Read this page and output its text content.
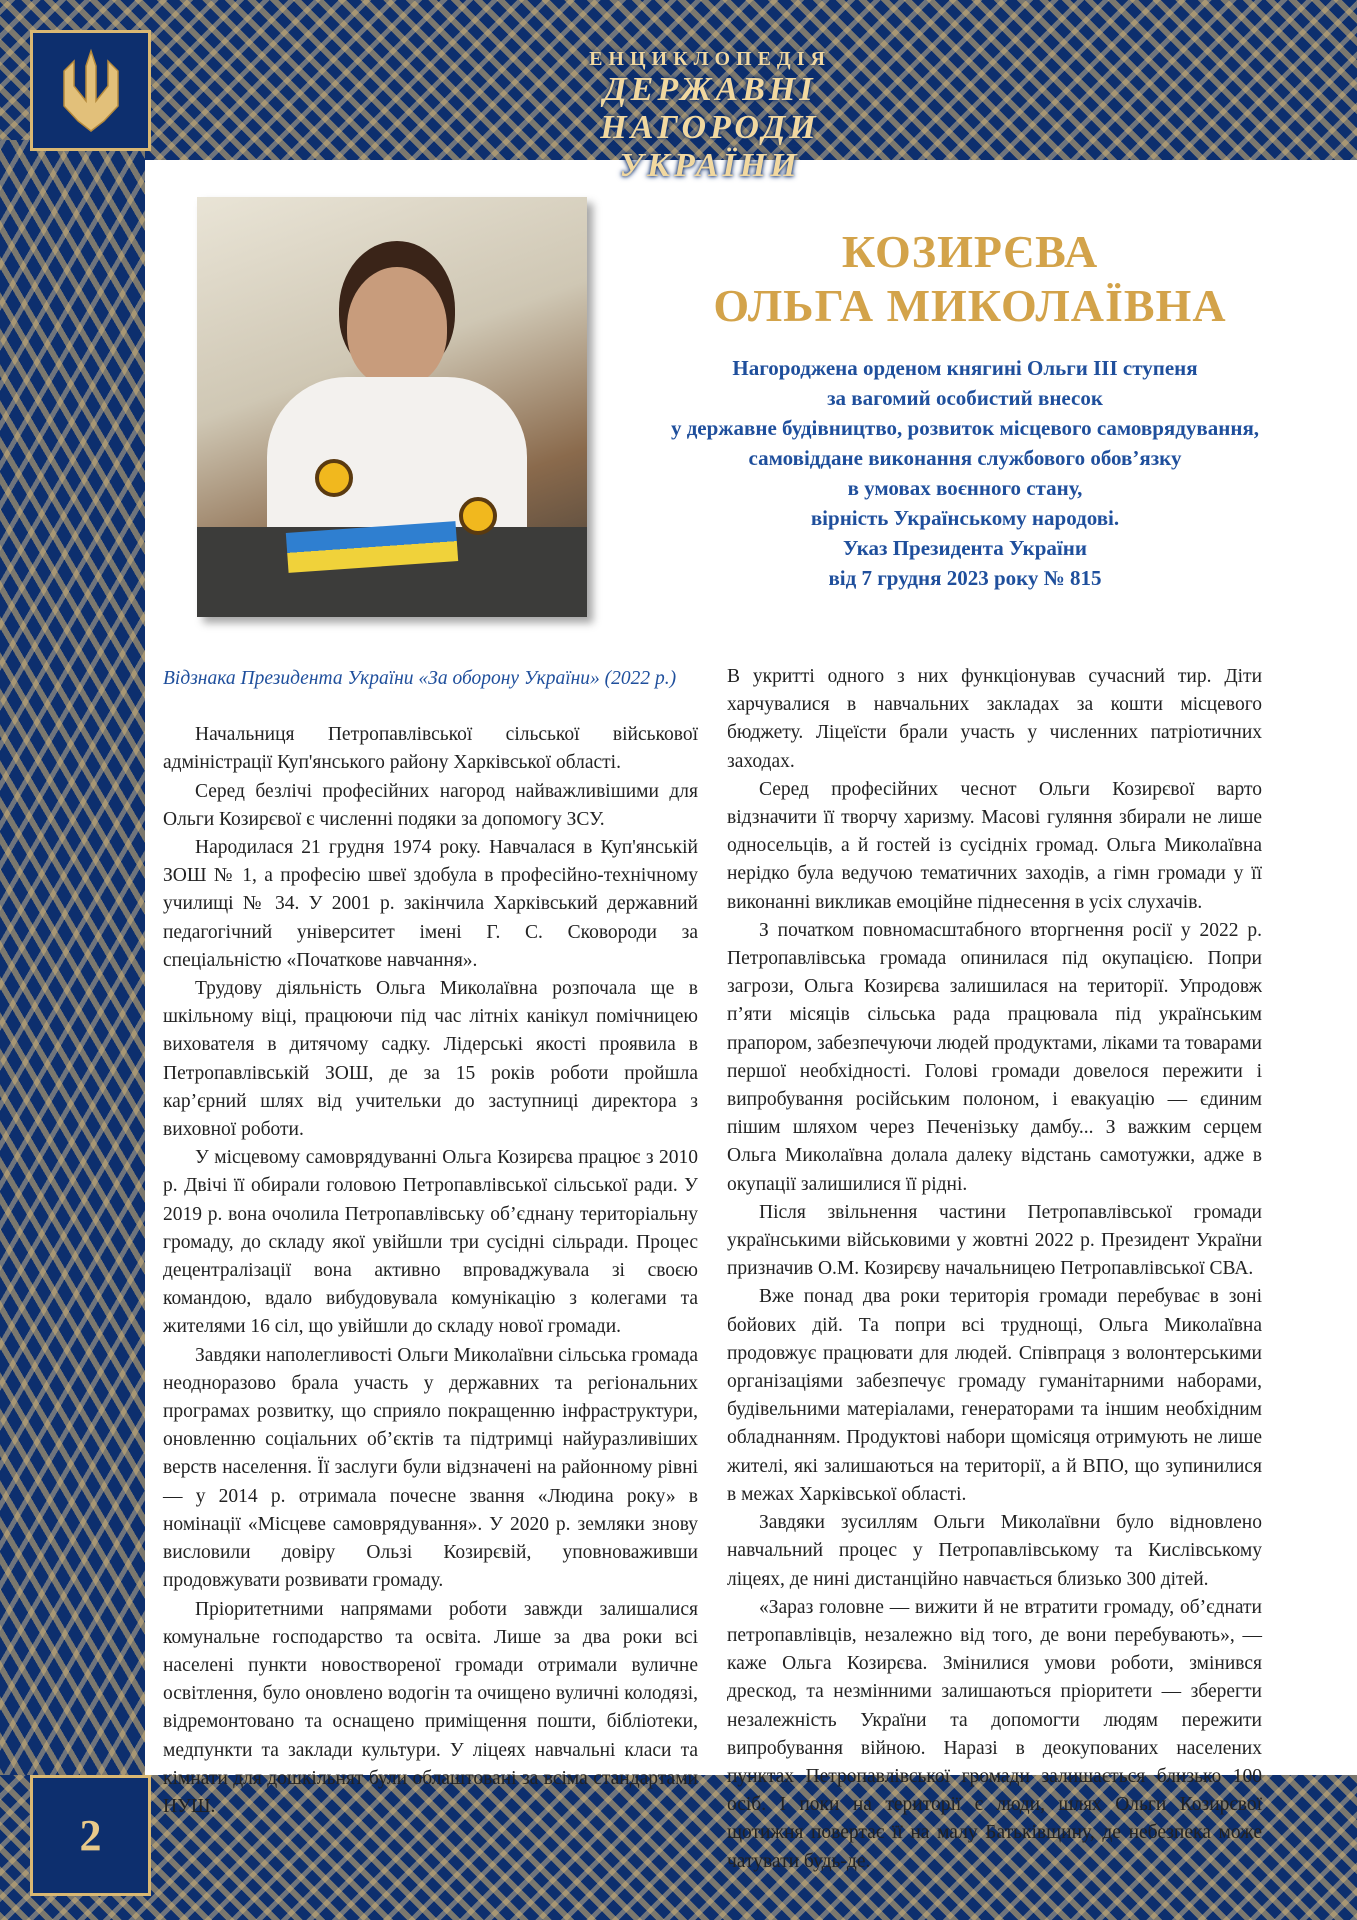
ЕНЦИКЛОПЕДІЯ
ДЕРЖАВНІ НАГОРОДИ
УКРАЇНИ
КОЗИРЄВА
ОЛЬГА МИКОЛАЇВНА
Нагороджена орденом княгині Ольги ІІІ ступеня
за вагомий особистий внесок
у державне будівництво, розвиток місцевого самоврядування,
самовіддане виконання службового обов’язку
в умовах воєнного стану,
вірність Українському народові.
Указ Президента України
від 7 грудня 2023 року № 815

Відзнака Президента України «За оборону України» (2022 р.)

Начальниця Петропавлівської сільської військової адміністрації Куп'янського району Харківської області.

Серед безлічі професійних нагород найважливішими для Ольги Козирєвої є численні подяки за допомогу ЗСУ.

Народилася 21 грудня 1974 року. Навчалася в Куп'янській ЗОШ № 1, а професію швеї здобула в професійно-технічному училищі № 34. У 2001 р. закінчила Харківський державний педагогічний університет імені Г. С. Сковороди за спеціальністю «Початкове навчання».

Трудову діяльність Ольга Миколаївна розпочала ще в шкільному віці, працюючи під час літніх канікул помічницею вихователя в дитячому садку. Лідерські якості проявила в Петропавлівській ЗОШ, де за 15 років роботи пройшла кар’єрний шлях від учительки до заступниці директора з виховної роботи.

У місцевому самоврядуванні Ольга Козирєва працює з 2010 р. Двічі її обирали головою Петропавлівської сільської ради. У 2019 р. вона очолила Петропавлівську об’єднану територіальну громаду, до складу якої увійшли три сусідні сільради. Процес децентралізації вона активно впроваджувала зі своєю командою, вдало вибудовувала комунікацію з колегами та жителями 16 сіл, що увійшли до складу нової громади.

Завдяки наполегливості Ольги Миколаївни сільська громада неодноразово брала участь у державних та регіональних програмах розвитку, що сприяло покращенню інфраструктури, оновленню соціальних об’єктів та підтримці найуразливіших верств населення. Її заслуги були відзначені на районному рівні — у 2014 р. отримала почесне звання «Людина року» в номінації «Місцеве самоврядування». У 2020 р. земляки знову висловили довіру Ользі Козирєвій, уповноваживши продовжувати розвивати громаду.

Пріоритетними напрямами роботи завжди залишалися комунальне господарство та освіта. Лише за два роки всі населені пункти новоствореної громади отримали вуличне освітлення, було оновлено водогін та очищено вуличні колодязі, відремонтовано та оснащено приміщення пошти, бібліотеки, медпункти та заклади культури. У ліцеях навчальні класи та кімнати для дошкільнят були облаштовані за всіма стандартами НУШ.

В укритті одного з них функціонував сучасний тир. Діти харчувалися в навчальних закладах за кошти місцевого бюджету. Ліцеїсти брали участь у численних патріотичних заходах.

Серед професійних чеснот Ольги Козирєвої варто відзначити її творчу харизму. Масові гуляння збирали не лише односельців, а й гостей із сусідніх громад. Ольга Миколаївна нерідко була ведучою тематичних заходів, а гімн громади у її виконанні викликав емоційне піднесення в усіх слухачів.

З початком повномасштабного вторгнення росії у 2022 р. Петропавлівська громада опинилася під окупацією. Попри загрози, Ольга Козирєва залишилася на території. Упродовж п’яти місяців сільська рада працювала під українським прапором, забезпечуючи людей продуктами, ліками та товарами першої необхідності. Голові громади довелося пережити і випробування російським полоном, і евакуацію — єдиним пішим шляхом через Печенізьку дамбу... З важким серцем Ольга Миколаївна долала далеку відстань самотужки, адже в окупації залишилися її рідні.

Після звільнення частини Петропавлівської громади українськими військовими у жовтні 2022 р. Президент України призначив О.М. Козирєву начальницею Петропавлівської СВА.

Вже понад два роки територія громади перебуває в зоні бойових дій. Та попри всі труднощі, Ольга Миколаївна продовжує працювати для людей. Співпраця з волонтерськими організаціями забезпечує громаду гуманітарними наборами, будівельними матеріалами, генераторами та іншим необхідним обладнанням. Продуктові набори щомісяця отримують не лише жителі, які залишаються на території, а й ВПО, що зупинилися в межах Харківської області.

Завдяки зусиллям Ольги Миколаївни було відновлено навчальний процес у Петропавлівському та Кислівському ліцеях, де нині дистанційно навчається близько 300 дітей.

«Зараз головне — вижити й не втратити громаду, об’єднати петропавлівців, незалежно від того, де вони перебувають», — каже Ольга Козирєва. Змінилися умови роботи, змінився дрескод, та незмінними залишаються пріоритети — зберегти незалежність України та допомогти людям пережити випробування війною. Наразі в деокупованих населених пунктах Петропавлівської громади залишається близько 100 осіб. І поки на території є люди, шлях Ольги Козирєвої щотижня повертає її на малу Батьківщину, де небезпека може чатувати будь-де.

2
